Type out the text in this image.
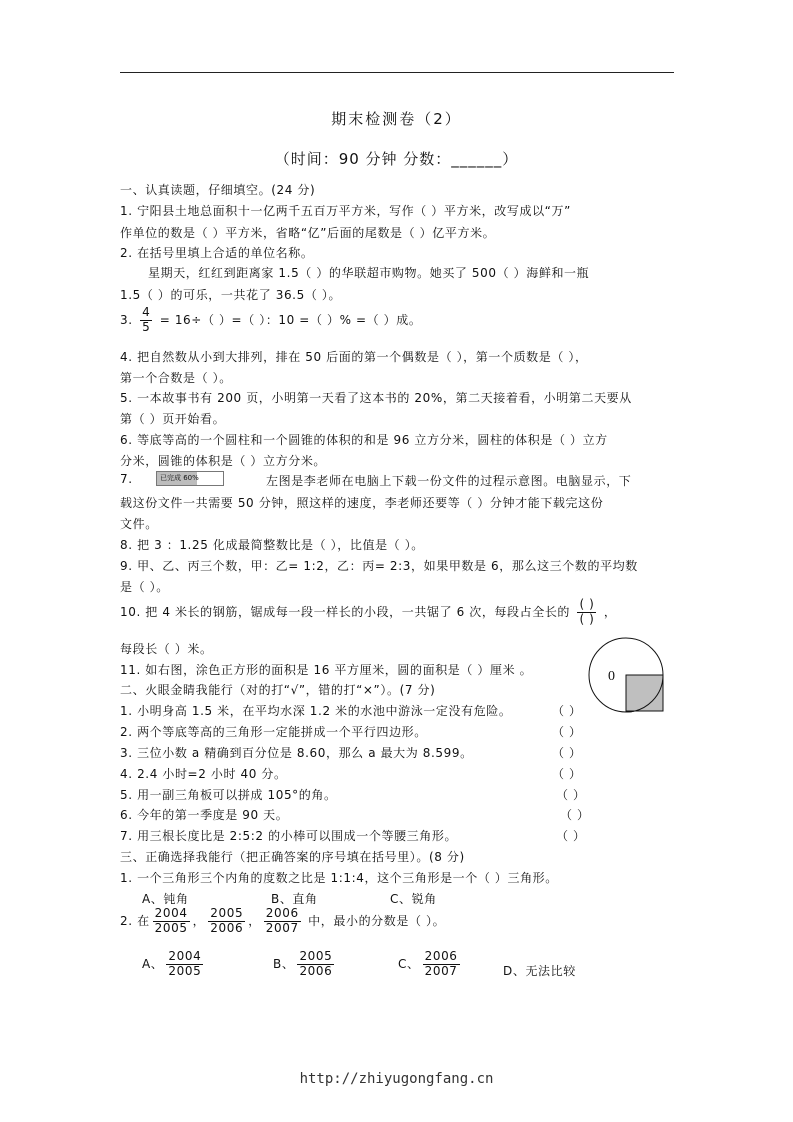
期末检测卷（2）
（时间：90 分钟 分数：______）
一、认真读题，仔细填空。(24 分)
1. 宁阳县土地总面积十一亿两千五百万平方米，写作（ ）平方米，改写成以“万”
作单位的数是（ ）平方米，省略“亿”后面的尾数是（ ）亿平方米。
2. 在括号里填上合适的单位名称。
星期天，红红到距离家 1.5（ ）的华联超市购物。她买了 500（ ）海鲜和一瓶
1.5（ ）的可乐，一共花了 36.5（ ）。
3. $\frac{4}{5} = 16\div$（ ）=（ ）：10 =（ ）% =（ ）成。
4. 把自然数从小到大排列，排在 50 后面的第一个偶数是（ ），第一个质数是（ ），
第一个合数是（ ）。
5. 一本故事书有 200 页，小明第一天看了这本书的 20%，第二天接着看，小明第二天要从
第（ ）页开始看。
6. 等底等高的一个圆柱和一个圆锥的体积的和是 96 立方分米，圆柱的体积是（ ）立方
分米，圆锥的体积是（ ）立方分米。
7.	已完成 60%	左图是李老师在电脑上下载一份文件的过程示意图。电脑显示，下
载这份文件一共需要 50 分钟，照这样的速度，李老师还要等（ ）分钟才能下载完这份
文件。
8. 把 3 ：1.25 化成最简整数比是（ ），比值是（ ）。
9. 甲、乙、丙三个数，甲：乙= 1:2，乙：丙= 2:3，如果甲数是 6，那么这三个数的平均数
是（ ）。
10. 把 4 米长的钢筋，锯成每一段一样长的小段，一共锯了 6 次，每段占全长的 $\frac{( )}{( )}$ ，
每段长（ ）米。
11. 如右图，涂色正方形的面积是 16 平方厘米，圆的面积是（ ）厘米 。	0
二、火眼金睛我能行（对的打“√”，错的打“×”）。(7 分)
1. 小明身高 1.5 米，在平均水深 1.2 米的水池中游泳一定没有危险。	（ ）
2. 两个等底等高的三角形一定能拼成一个平行四边形。	（ ）
3. 三位小数 a 精确到百分位是 8.60，那么 a 最大为 8.599。	（ ）
4. 2.4 小时=2 小时 40 分。	（ ）
5. 用一副三角板可以拼成 105°的角。	（ ）
6. 今年的第一季度是 90 天。	（ ）
7. 用三根长度比是 2:5:2 的小棒可以围成一个等腰三角形。	（ ）
三、正确选择我能行（把正确答案的序号填在括号里）。(8 分)
1. 一个三角形三个内角的度数之比是 1:1:4，这个三角形是一个（ ）三角形。
A、钝角	B、直角	C、锐角
2. 在 $\frac{2004}{2005}$ ， $\frac{2005}{2006}$ ， $\frac{2006}{2007}$ 中，最小的分数是（ ）。
A、 $\frac{2004}{2005}$	B、 $\frac{2005}{2006}$	C、 $\frac{2006}{2007}$	D、无法比较
http://zhiyugongfang.cn
